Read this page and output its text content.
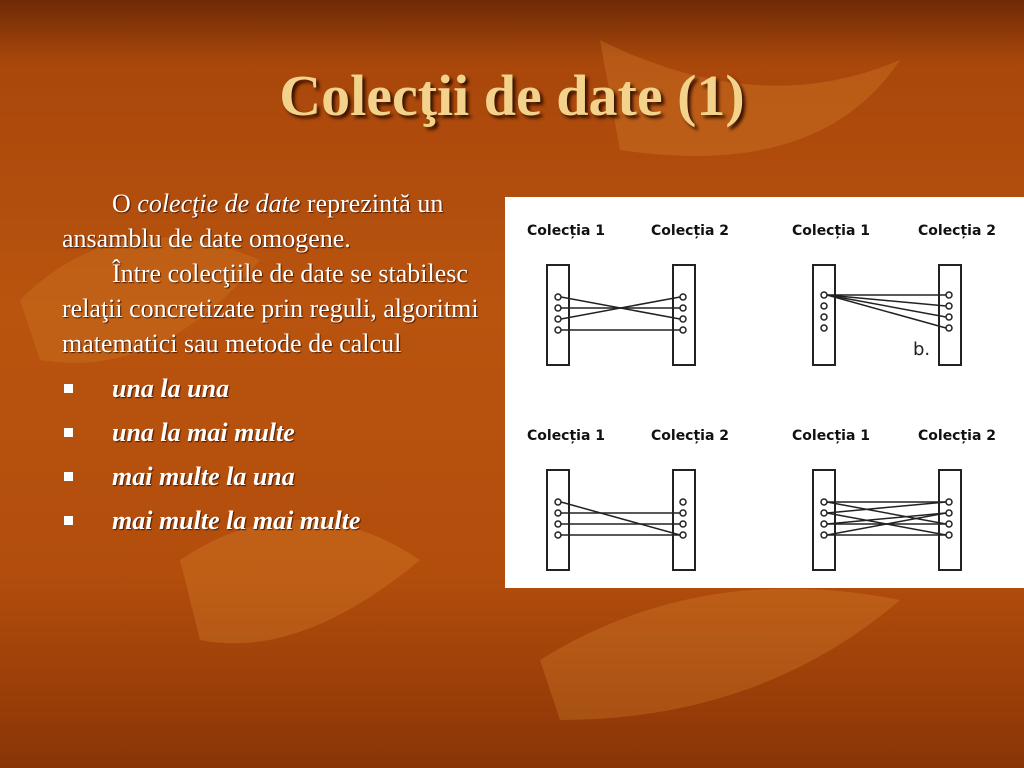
Colecţii de date (1)

O colecţie de date reprezintă un ansamblu de date omogene.

Între colecţiile de date se stabilesc relaţii concretizate prin reguli, algoritmi matematici sau metode de calcul

una la una
una la mai multe
mai multe la una
mai multe la mai multe
Colecția 1	Colecția 2	Colecția 1	Colecția 2
b.
Colecția 1	Colecția 2	Colecția 1	Colecția 2
